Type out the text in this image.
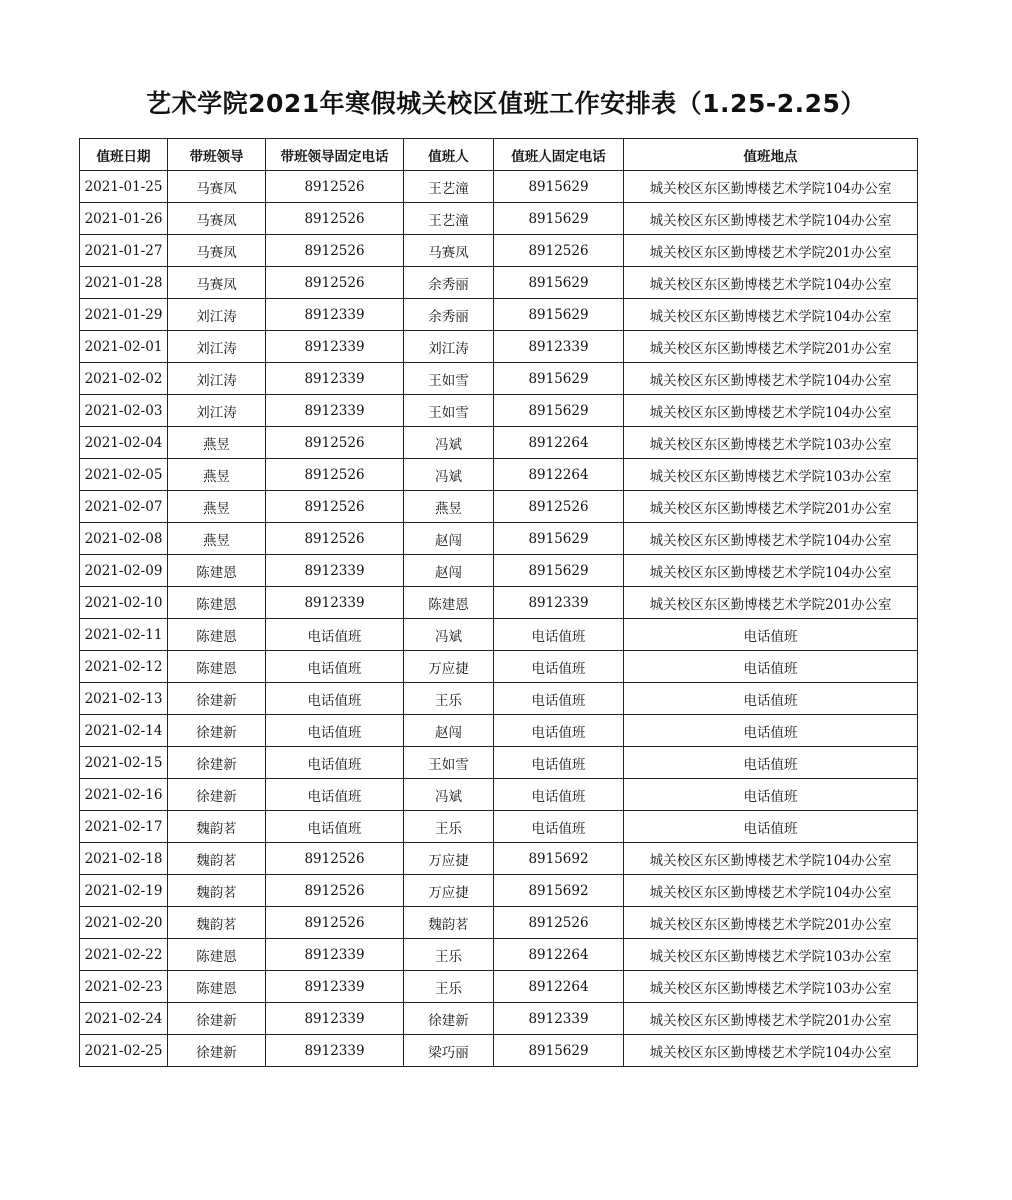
艺术学院2021年寒假城关校区值班工作安排表（1.25-2.25）
值班日期	带班领导	带班领导固定电话	值班人	值班人固定电话	值班地点
2021-01-25	马赛凤	8912526	王艺潼	8915629	城关校区东区勤博楼艺术学院104办公室
2021-01-26	马赛凤	8912526	王艺潼	8915629	城关校区东区勤博楼艺术学院104办公室
2021-01-27	马赛凤	8912526	马赛凤	8912526	城关校区东区勤博楼艺术学院201办公室
2021-01-28	马赛凤	8912526	余秀丽	8915629	城关校区东区勤博楼艺术学院104办公室
2021-01-29	刘江涛	8912339	余秀丽	8915629	城关校区东区勤博楼艺术学院104办公室
2021-02-01	刘江涛	8912339	刘江涛	8912339	城关校区东区勤博楼艺术学院201办公室
2021-02-02	刘江涛	8912339	王如雪	8915629	城关校区东区勤博楼艺术学院104办公室
2021-02-03	刘江涛	8912339	王如雪	8915629	城关校区东区勤博楼艺术学院104办公室
2021-02-04	燕昱	8912526	冯斌	8912264	城关校区东区勤博楼艺术学院103办公室
2021-02-05	燕昱	8912526	冯斌	8912264	城关校区东区勤博楼艺术学院103办公室
2021-02-07	燕昱	8912526	燕昱	8912526	城关校区东区勤博楼艺术学院201办公室
2021-02-08	燕昱	8912526	赵闯	8915629	城关校区东区勤博楼艺术学院104办公室
2021-02-09	陈建恩	8912339	赵闯	8915629	城关校区东区勤博楼艺术学院104办公室
2021-02-10	陈建恩	8912339	陈建恩	8912339	城关校区东区勤博楼艺术学院201办公室
2021-02-11	陈建恩	电话值班	冯斌	电话值班	电话值班
2021-02-12	陈建恩	电话值班	万应捷	电话值班	电话值班
2021-02-13	徐建新	电话值班	王乐	电话值班	电话值班
2021-02-14	徐建新	电话值班	赵闯	电话值班	电话值班
2021-02-15	徐建新	电话值班	王如雪	电话值班	电话值班
2021-02-16	徐建新	电话值班	冯斌	电话值班	电话值班
2021-02-17	魏韵茗	电话值班	王乐	电话值班	电话值班
2021-02-18	魏韵茗	8912526	万应捷	8915692	城关校区东区勤博楼艺术学院104办公室
2021-02-19	魏韵茗	8912526	万应捷	8915692	城关校区东区勤博楼艺术学院104办公室
2021-02-20	魏韵茗	8912526	魏韵茗	8912526	城关校区东区勤博楼艺术学院201办公室
2021-02-22	陈建恩	8912339	王乐	8912264	城关校区东区勤博楼艺术学院103办公室
2021-02-23	陈建恩	8912339	王乐	8912264	城关校区东区勤博楼艺术学院103办公室
2021-02-24	徐建新	8912339	徐建新	8912339	城关校区东区勤博楼艺术学院201办公室
2021-02-25	徐建新	8912339	梁巧丽	8915629	城关校区东区勤博楼艺术学院104办公室
